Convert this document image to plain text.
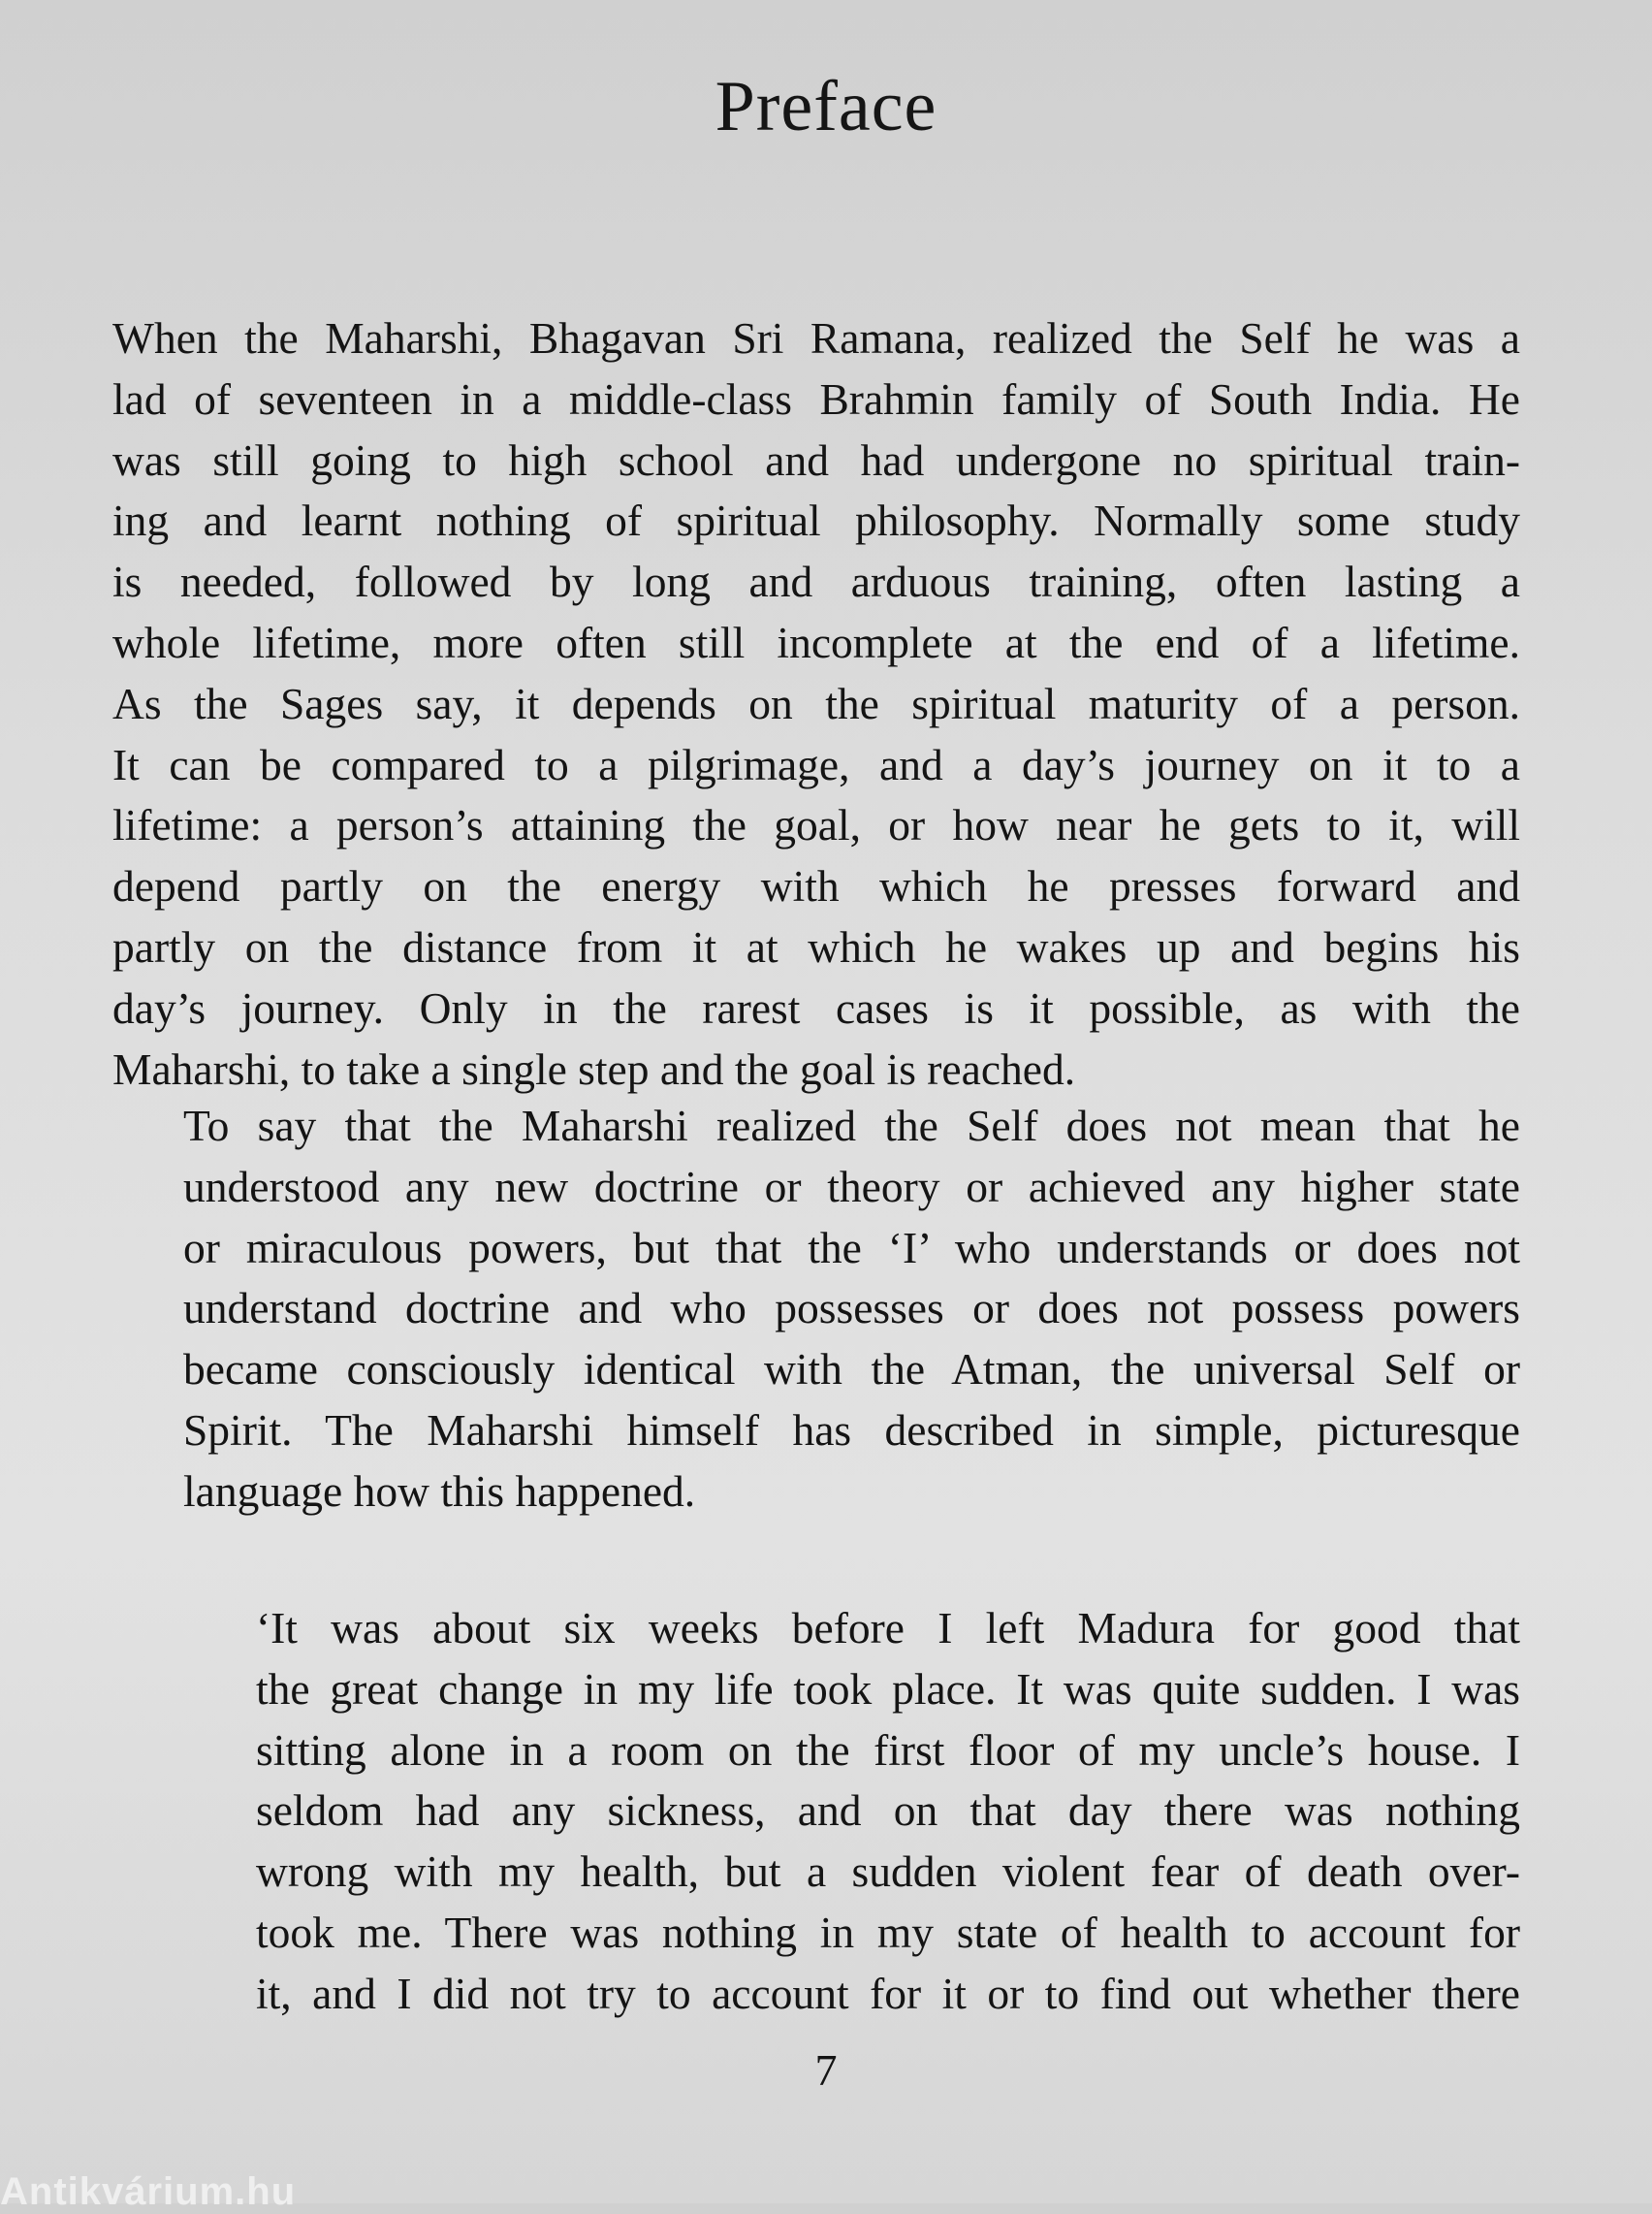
Preface

When the Maharshi, Bhagavan Sri Ramana, realized the Self he was a
lad of seventeen in a middle-class Brahmin family of South India. He
was still going to high school and had undergone no spiritual train-
ing and learnt nothing of spiritual philosophy. Normally some study
is needed, followed by long and arduous training, often lasting a
whole lifetime, more often still incomplete at the end of a lifetime.
As the Sages say, it depends on the spiritual maturity of a person.
It can be compared to a pilgrimage, and a day’s journey on it to a
lifetime: a person’s attaining the goal, or how near he gets to it, will
depend partly on the energy with which he presses forward and
partly on the distance from it at which he wakes up and begins his
day’s journey. Only in the rarest cases is it possible, as with the
Maharshi, to take a single step and the goal is reached.

To say that the Maharshi realized the Self does not mean that he
understood any new doctrine or theory or achieved any higher state
or miraculous powers, but that the ‘I’ who understands or does not
understand doctrine and who possesses or does not possess powers
became consciously identical with the Atman, the universal Self or
Spirit. The Maharshi himself has described in simple, picturesque
language how this happened.

‘It was about six weeks before I left Madura for good that
the great change in my life took place. It was quite sudden. I was
sitting alone in a room on the first floor of my uncle’s house. I
seldom had any sickness, and on that day there was nothing
wrong with my health, but a sudden violent fear of death over-
took me. There was nothing in my state of health to account for
it, and I did not try to account for it or to find out whether there

7
Antikvárium.hu
